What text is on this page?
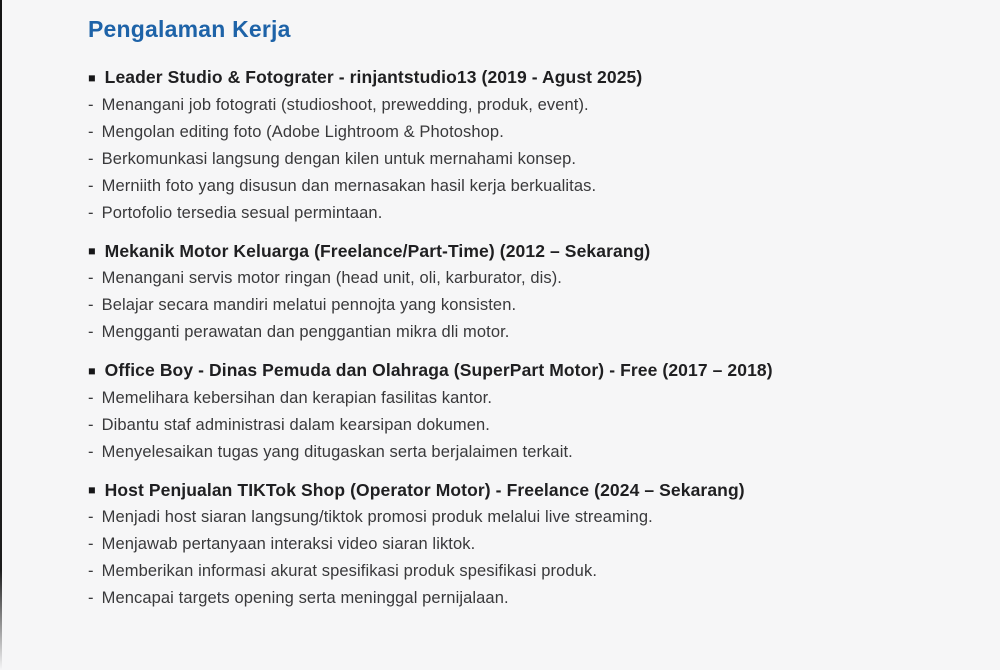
Pengalaman Kerja
■ Leader Studio & Fotograter - rinjantstudio13 (2019 - Agust 2025)
- Menangani job fotograti (studioshoot, prewedding, produk, event).
- Mengolan editing foto (Adobe Lightroom & Photoshop.
- Berkomunkasi langsung dengan kilen untuk mernahami konsep.
- Merniith foto yang disusun dan mernasakan hasil kerja berkualitas.
- Portofolio tersedia sesual permintaan.
■ Mekanik Motor Keluarga (Freelance/Part-Time) (2012 – Sekarang)
- Menangani servis motor ringan (head unit, oli, karburator, dis).
- Belajar secara mandiri melatui pennojta yang konsisten.
- Mengganti perawatan dan penggantian mikra dli motor.
■ Office Boy - Dinas Pemuda dan Olahraga (SuperPart Motor) - Free (2017 – 2018)
- Memelihara kebersihan dan kerapian fasilitas kantor.
- Dibantu staf administrasi dalam kearsipan dokumen.
- Menyelesaikan tugas yang ditugaskan serta berjalaimen terkait.
■ Host Penjualan TIKTok Shop (Operator Motor) - Freelance (2024 – Sekarang)
- Menjadi host siaran langsung/tiktok promosi produk melalui live streaming.
- Menjawab pertanyaan interaksi video siaran liktok.
- Memberikan informasi akurat spesifikasi produk spesifikasi produk.
- Mencapai targets opening serta meninggal pernijalaan.
